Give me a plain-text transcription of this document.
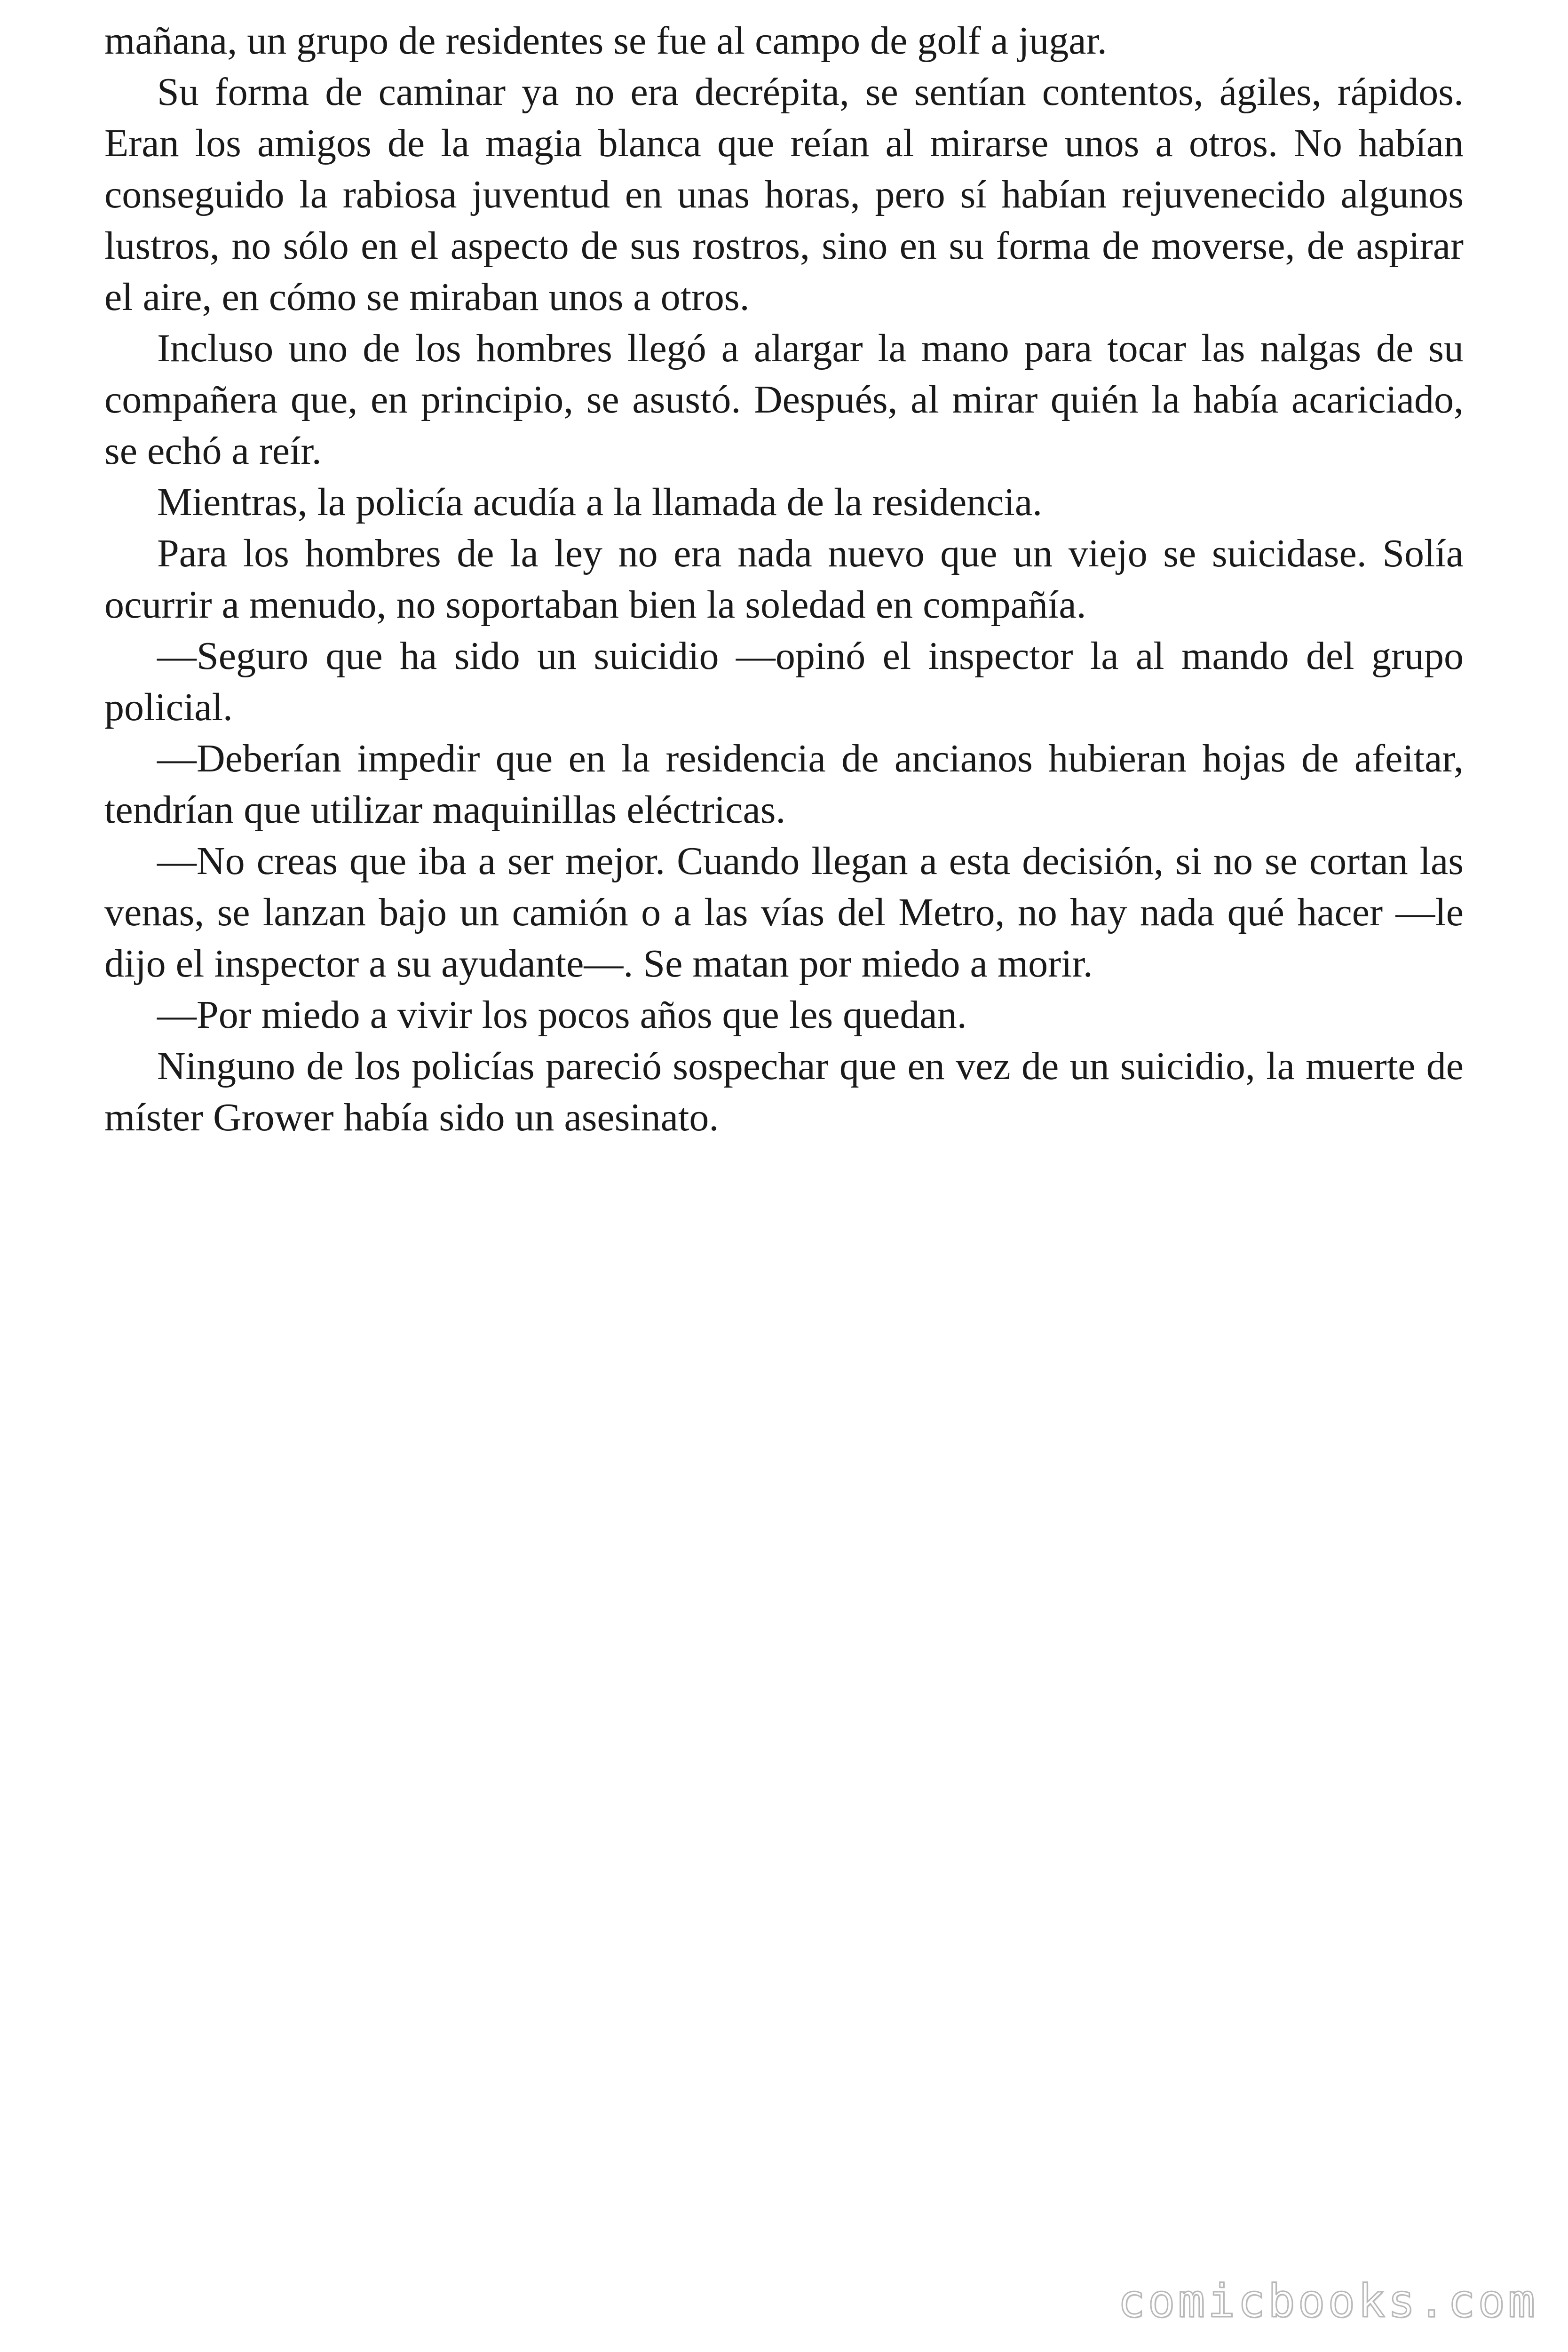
mañana, un grupo de residentes se fue al campo de golf a jugar.

Su forma de caminar ya no era decrépita, se sentían contentos, ágiles, rápidos. Eran los amigos de la magia blanca que reían al mirarse unos a otros. No habían conseguido la rabiosa juventud en unas horas, pero sí habían rejuvenecido algunos lustros, no sólo en el aspecto de sus rostros, sino en su forma de moverse, de aspirar el aire, en cómo se miraban unos a otros.

Incluso uno de los hombres llegó a alargar la mano para tocar las nalgas de su compañera que, en principio, se asustó. Después, al mirar quién la había acariciado, se echó a reír.

Mientras, la policía acudía a la llamada de la residencia.

Para los hombres de la ley no era nada nuevo que un viejo se suicidase. Solía ocurrir a menudo, no soportaban bien la soledad en compañía.

—Seguro que ha sido un suicidio —opinó el inspector la al mando del grupo policial.

—Deberían impedir que en la residencia de ancianos hubieran hojas de afeitar, tendrían que utilizar maquinillas eléctricas.

—No creas que iba a ser mejor. Cuando llegan a esta decisión, si no se cortan las venas, se lanzan bajo un camión o a las vías del Metro, no hay nada qué hacer —le dijo el inspector a su ayudante—. Se matan por miedo a morir.

—Por miedo a vivir los pocos años que les quedan.

Ninguno de los policías pareció sospechar que en vez de un suicidio, la muerte de míster Grower había sido un asesinato.

comicbooks.com
